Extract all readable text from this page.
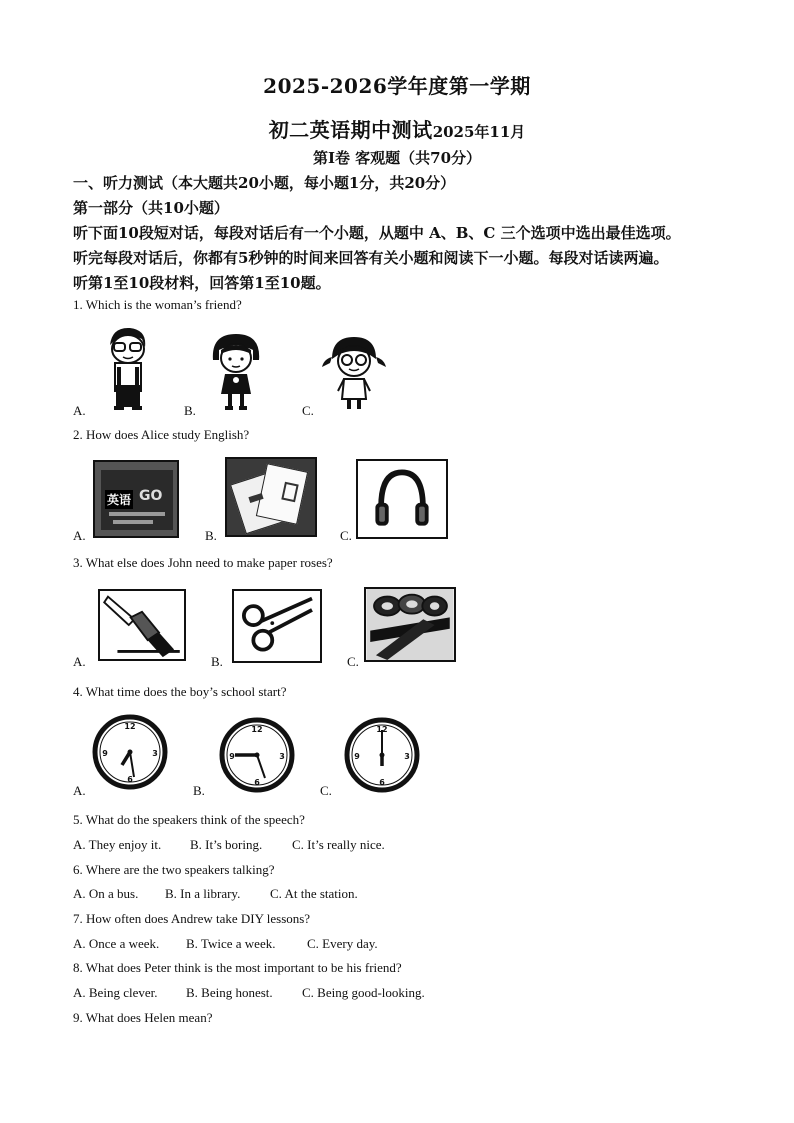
2025-2026学年度第一学期
初二英语期中测试2025年11月
第Ⅰ卷 客观题（共70分）
一、听力测试（本大题共20小题，每小题1分，共20分）
第一部分（共10小题）
听下面10段短对话，每段对话后有一个小题，从题中 A、B、C 三个选项中选出最佳选项。
听完每段对话后，你都有5秒钟的时间来回答有关小题和阅读下一小题。每段对话读两遍。
听第1至10段材料，回答第1至10题。
1. Which is the woman’s friend?
A.	B.	C.
2. How does Alice study English?
A.	B.	C.
英语 GO
3. What else does John need to make paper roses?
A.	B.	C.
4. What time does the boy’s school start?
A.	B.	C.
12
3
6
9
12
3
6
9
12
3
6
9
5. What do the speakers think of the speech?
A. They enjoy it. B. It’s boring. C. It’s really nice.
6. Where are the two speakers talking?
A. On a bus. B. In a library. C. At the station.
7. How often does Andrew take DIY lessons?
A. Once a week. B. Twice a week. C. Every day.
8. What does Peter think is the most important to be his friend?
A. Being clever. B. Being honest. C. Being good-looking.
9. What does Helen mean?
